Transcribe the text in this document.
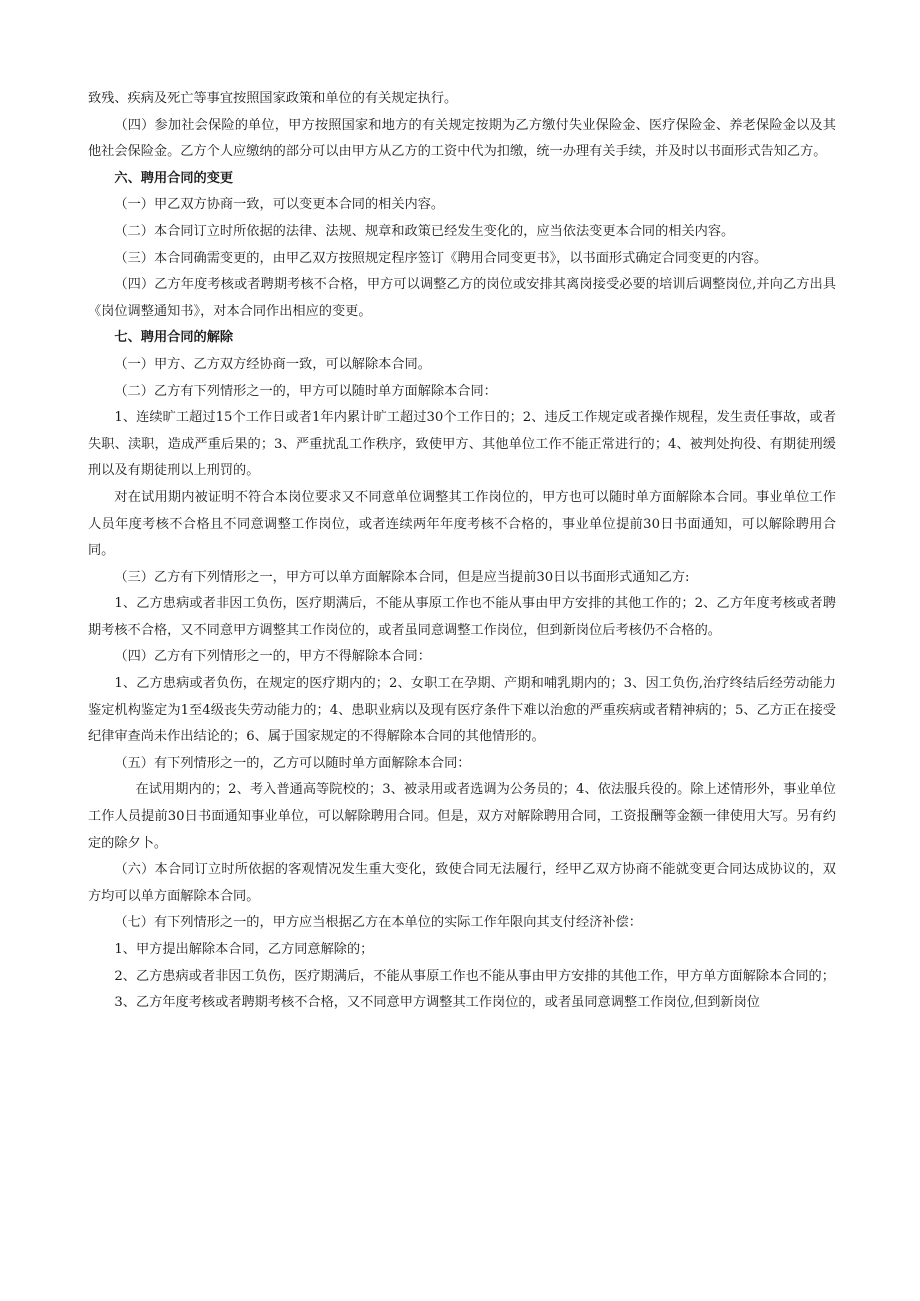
致残、疾病及死亡等事宜按照国家政策和单位的有关规定执行。

（四）参加社会保险的单位，甲方按照国家和地方的有关规定按期为乙方缴付失业保险金、医疗保险金、养老保险金以及其他社会保险金。乙方个人应缴纳的部分可以由甲方从乙方的工资中代为扣缴，统一办理有关手续，并及时以书面形式告知乙方。

六、聘用合同的变更

（一）甲乙双方协商一致，可以变更本合同的相关内容。

（二）本合同订立时所依据的法律、法规、规章和政策已经发生变化的，应当依法变更本合同的相关内容。

（三）本合同确需变更的，由甲乙双方按照规定程序签订《聘用合同变更书》，以书面形式确定合同变更的内容。

（四）乙方年度考核或者聘期考核不合格，甲方可以调整乙方的岗位或安排其离岗接受必要的培训后调整岗位,并向乙方出具《岗位调整通知书》，对本合同作出相应的变更。

七、聘用合同的解除

（一）甲方、乙方双方经协商一致，可以解除本合同。

（二）乙方有下列情形之一的，甲方可以随时单方面解除本合同：

1、连续旷工超过15个工作日或者1年内累计旷工超过30个工作日的；2、违反工作规定或者操作规程，发生责任事故，或者失职、渎职，造成严重后果的；3、严重扰乱工作秩序，致使甲方、其他单位工作不能正常进行的；4、被判处拘役、有期徒刑缓刑以及有期徒刑以上刑罚的。

对在试用期内被证明不符合本岗位要求又不同意单位调整其工作岗位的，甲方也可以随时单方面解除本合同。事业单位工作人员年度考核不合格且不同意调整工作岗位，或者连续两年年度考核不合格的，事业单位提前30日书面通知，可以解除聘用合同。

（三）乙方有下列情形之一，甲方可以单方面解除本合同，但是应当提前30日以书面形式通知乙方:

1、乙方患病或者非因工负伤，医疗期满后，不能从事原工作也不能从事由甲方安排的其他工作的；2、乙方年度考核或者聘期考核不合格，又不同意甲方调整其工作岗位的，或者虽同意调整工作岗位，但到新岗位后考核仍不合格的。

（四）乙方有下列情形之一的，甲方不得解除本合同：

1、乙方患病或者负伤，在规定的医疗期内的；2、女职工在孕期、产期和哺乳期内的；3、因工负伤,治疗终结后经劳动能力鉴定机构鉴定为1至4级丧失劳动能力的；4、患职业病以及现有医疗条件下难以治愈的严重疾病或者精神病的；5、乙方正在接受纪律审查尚未作出结论的；6、属于国家规定的不得解除本合同的其他情形的。

（五）有下列情形之一的，乙方可以随时单方面解除本合同：

在试用期内的；2、考入普通高等院校的；3、被录用或者选调为公务员的；4、依法服兵役的。除上述情形外，事业单位工作人员提前30日书面通知事业单位，可以解除聘用合同。但是，双方对解除聘用合同，工资报酬等金额一律使用大写。另有约定的除夕卜。

（六）本合同订立时所依据的客观情况发生重大变化，致使合同无法履行，经甲乙双方协商不能就变更合同达成协议的，双方均可以单方面解除本合同。

（七）有下列情形之一的，甲方应当根据乙方在本单位的实际工作年限向其支付经济补偿：

1、甲方提出解除本合同，乙方同意解除的；

2、乙方患病或者非因工负伤，医疗期满后，不能从事原工作也不能从事由甲方安排的其他工作，甲方单方面解除本合同的；

3、乙方年度考核或者聘期考核不合格，又不同意甲方调整其工作岗位的，或者虽同意调整工作岗位,但到新岗位
